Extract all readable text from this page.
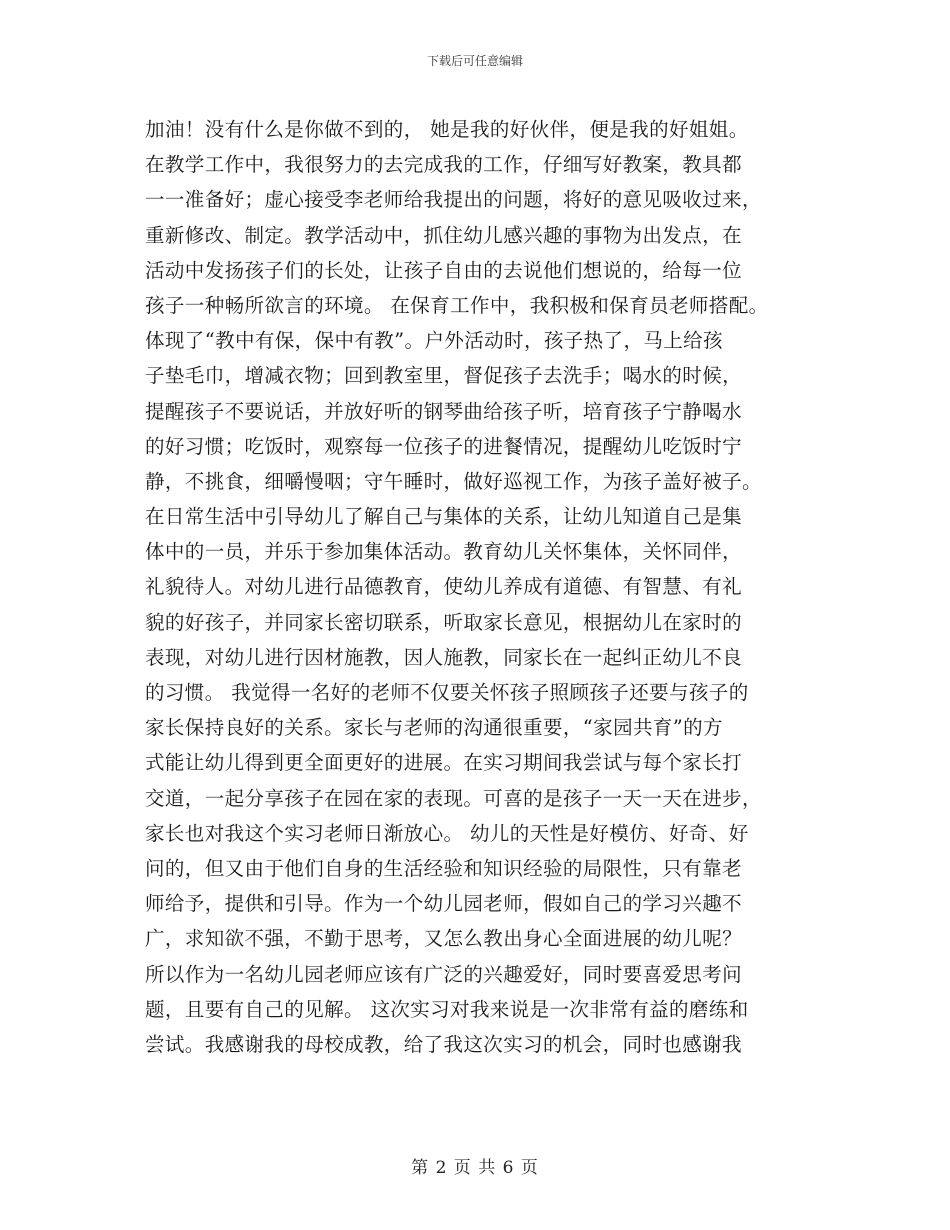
下载后可任意编辑
加油！没有什么是你做不到的， 她是我的好伙伴，便是我的好姐姐。
在教学工作中，我很努力的去完成我的工作，仔细写好教案，教具都
一一准备好；虚心接受李老师给我提出的问题，将好的意见吸收过来，
重新修改、制定。教学活动中，抓住幼儿感兴趣的事物为出发点，在
活动中发扬孩子们的长处，让孩子自由的去说他们想说的，给每一位
孩子一种畅所欲言的环境。 在保育工作中，我积极和保育员老师搭配。
体现了“教中有保，保中有教”。户外活动时，孩子热了，马上给孩
子垫毛巾，增减衣物；回到教室里，督促孩子去洗手；喝水的时候，
提醒孩子不要说话，并放好听的钢琴曲给孩子听，培育孩子宁静喝水
的好习惯；吃饭时，观察每一位孩子的进餐情况，提醒幼儿吃饭时宁
静，不挑食，细嚼慢咽；守午睡时，做好巡视工作，为孩子盖好被子。
在日常生活中引导幼儿了解自己与集体的关系，让幼儿知道自己是集
体中的一员，并乐于参加集体活动。教育幼儿关怀集体，关怀同伴，
礼貌待人。对幼儿进行品德教育，使幼儿养成有道德、有智慧、有礼
貌的好孩子，并同家长密切联系，听取家长意见，根据幼儿在家时的
表现，对幼儿进行因材施教，因人施教，同家长在一起纠正幼儿不良
的习惯。 我觉得一名好的老师不仅要关怀孩子照顾孩子还要与孩子的
家长保持良好的关系。家长与老师的沟通很重要，“家园共育”的方
式能让幼儿得到更全面更好的进展。在实习期间我尝试与每个家长打
交道，一起分享孩子在园在家的表现。可喜的是孩子一天一天在进步，
家长也对我这个实习老师日渐放心。 幼儿的天性是好模仿、好奇、好
问的，但又由于他们自身的生活经验和知识经验的局限性，只有靠老
师给予，提供和引导。作为一个幼儿园老师，假如自己的学习兴趣不
广，求知欲不强，不勤于思考，又怎么教出身心全面进展的幼儿呢？
所以作为一名幼儿园老师应该有广泛的兴趣爱好，同时要喜爱思考问
题，且要有自己的见解。 这次实习对我来说是一次非常有益的磨练和
尝试。我感谢我的母校成教，给了我这次实习的机会，同时也感谢我
第 2 页 共 6 页
